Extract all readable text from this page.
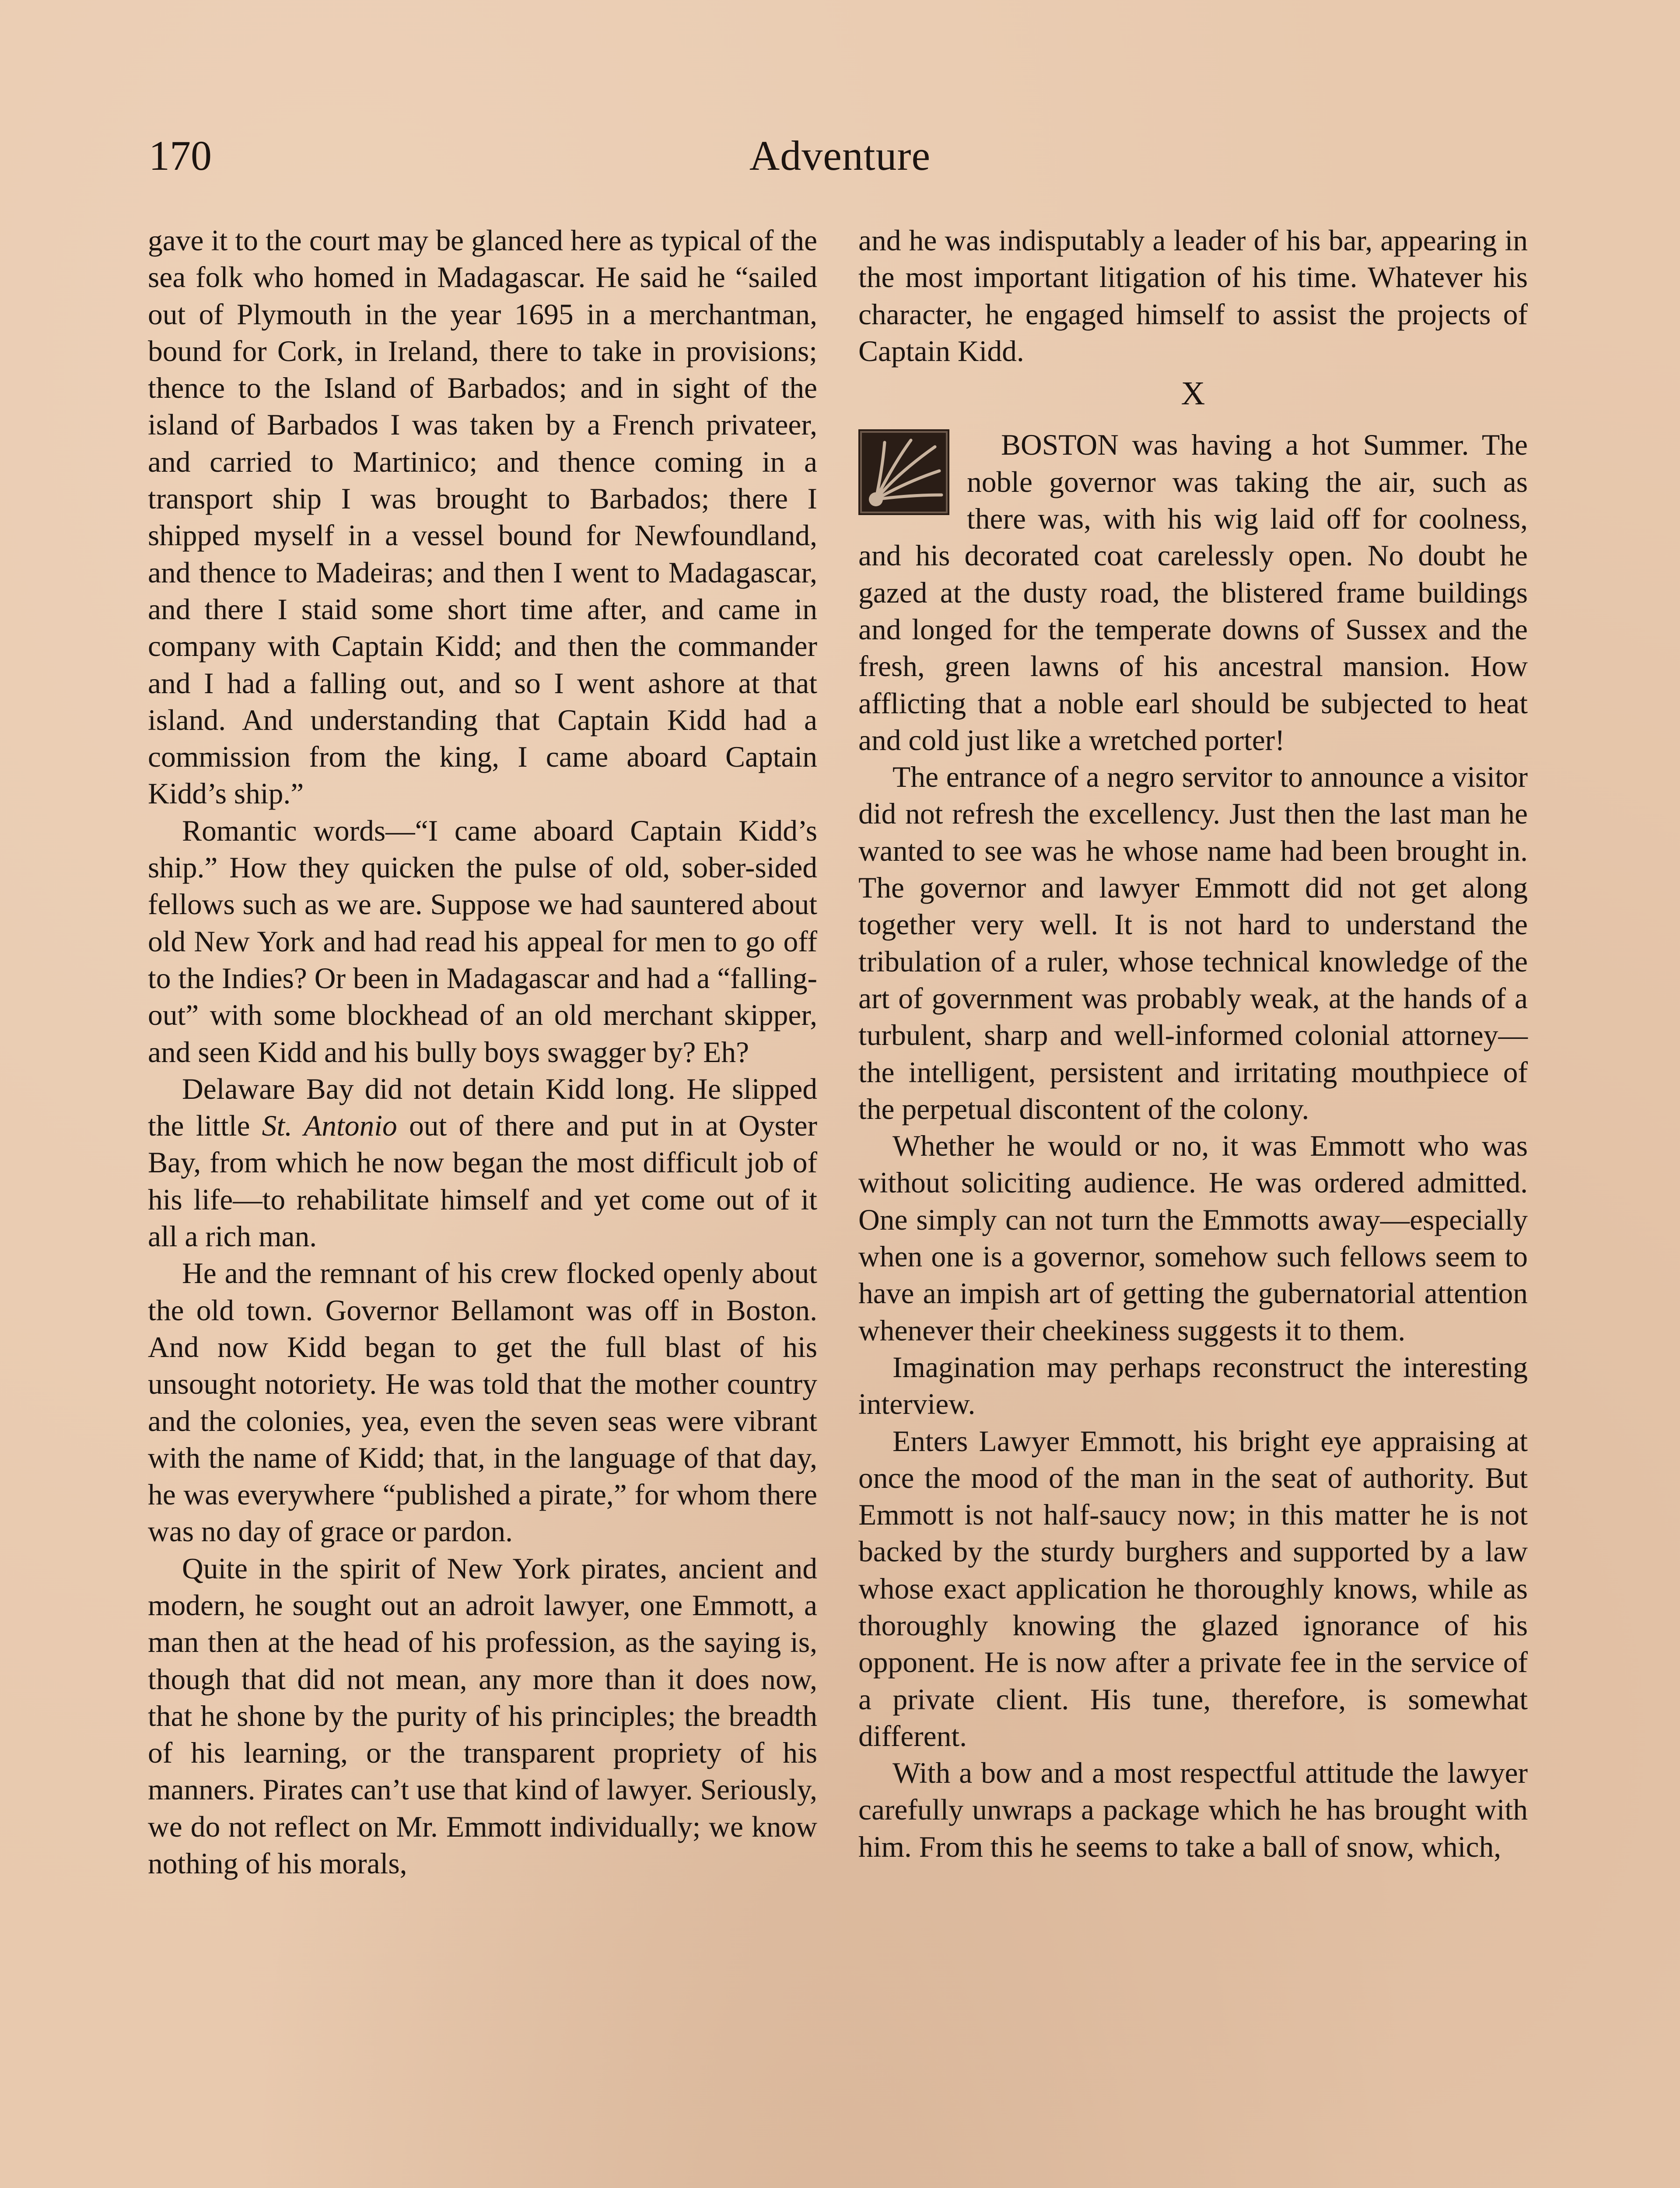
170	Adventure

gave it to the court may be glanced here as typical of the sea folk who homed in Madagascar. He said he “sailed out of Plymouth in the year 1695 in a merchantman, bound for Cork, in Ireland, there to take in provisions; thence to the Island of Barbados; and in sight of the island of Barbados I was taken by a French privateer, and carried to Martinico; and thence coming in a transport ship I was brought to Barbados; there I shipped myself in a vessel bound for Newfoundland, and thence to Madeiras; and then I went to Madagascar, and there I staid some short time after, and came in company with Captain Kidd; and then the commander and I had a falling out, and so I went ashore at that island. And understanding that Captain Kidd had a commission from the king, I came aboard Captain Kidd’s ship.”

Romantic words—“I came aboard Captain Kidd’s ship.” How they quicken the pulse of old, sober-sided fellows such as we are. Suppose we had sauntered about old New York and had read his appeal for men to go off to the Indies? Or been in Madagascar and had a “falling-out” with some blockhead of an old merchant skipper, and seen Kidd and his bully boys swagger by? Eh?

Delaware Bay did not detain Kidd long. He slipped the little St. Antonio out of there and put in at Oyster Bay, from which he now began the most difficult job of his life—to rehabilitate himself and yet come out of it all a rich man.

He and the remnant of his crew flocked openly about the old town. Governor Bellamont was off in Boston. And now Kidd began to get the full blast of his unsought notoriety. He was told that the mother country and the colonies, yea, even the seven seas were vibrant with the name of Kidd; that, in the language of that day, he was everywhere “published a pirate,” for whom there was no day of grace or pardon.

Quite in the spirit of New York pirates, ancient and modern, he sought out an adroit lawyer, one Emmott, a man then at the head of his profession, as the saying is, though that did not mean, any more than it does now, that he shone by the purity of his principles; the breadth of his learning, or the transparent propriety of his manners. Pirates can’t use that kind of lawyer. Seriously, we do not reflect on Mr. Emmott individually; we know nothing of his morals,

and he was indisputably a leader of his bar, appearing in the most important litigation of his time. Whatever his character, he engaged himself to assist the projects of Captain Kidd.

X

BOSTON was having a hot Summer. The noble governor was taking the air, such as there was, with his wig laid off for coolness, and his decorated coat carelessly open. No doubt he gazed at the dusty road, the blistered frame buildings and longed for the temperate downs of Sussex and the fresh, green lawns of his ancestral mansion. How afflicting that a noble earl should be subjected to heat and cold just like a wretched porter!

The entrance of a negro servitor to announce a visitor did not refresh the excellency. Just then the last man he wanted to see was he whose name had been brought in. The governor and lawyer Emmott did not get along together very well. It is not hard to understand the tribulation of a ruler, whose technical knowledge of the art of government was probably weak, at the hands of a turbulent, sharp and well-informed colonial attorney—the intelligent, persistent and irritating mouthpiece of the perpetual discontent of the colony.

Whether he would or no, it was Emmott who was without soliciting audience. He was ordered admitted. One simply can not turn the Emmotts away—especially when one is a governor, somehow such fellows seem to have an impish art of getting the gubernatorial attention whenever their cheekiness suggests it to them.

Imagination may perhaps reconstruct the interesting interview.

Enters Lawyer Emmott, his bright eye appraising at once the mood of the man in the seat of authority. But Emmott is not half-saucy now; in this matter he is not backed by the sturdy burghers and supported by a law whose exact application he thoroughly knows, while as thoroughly knowing the glazed ignorance of his opponent. He is now after a private fee in the service of a private client. His tune, therefore, is somewhat different.

With a bow and a most respectful attitude the lawyer carefully unwraps a package which he has brought with him. From this he seems to take a ball of snow, which,
